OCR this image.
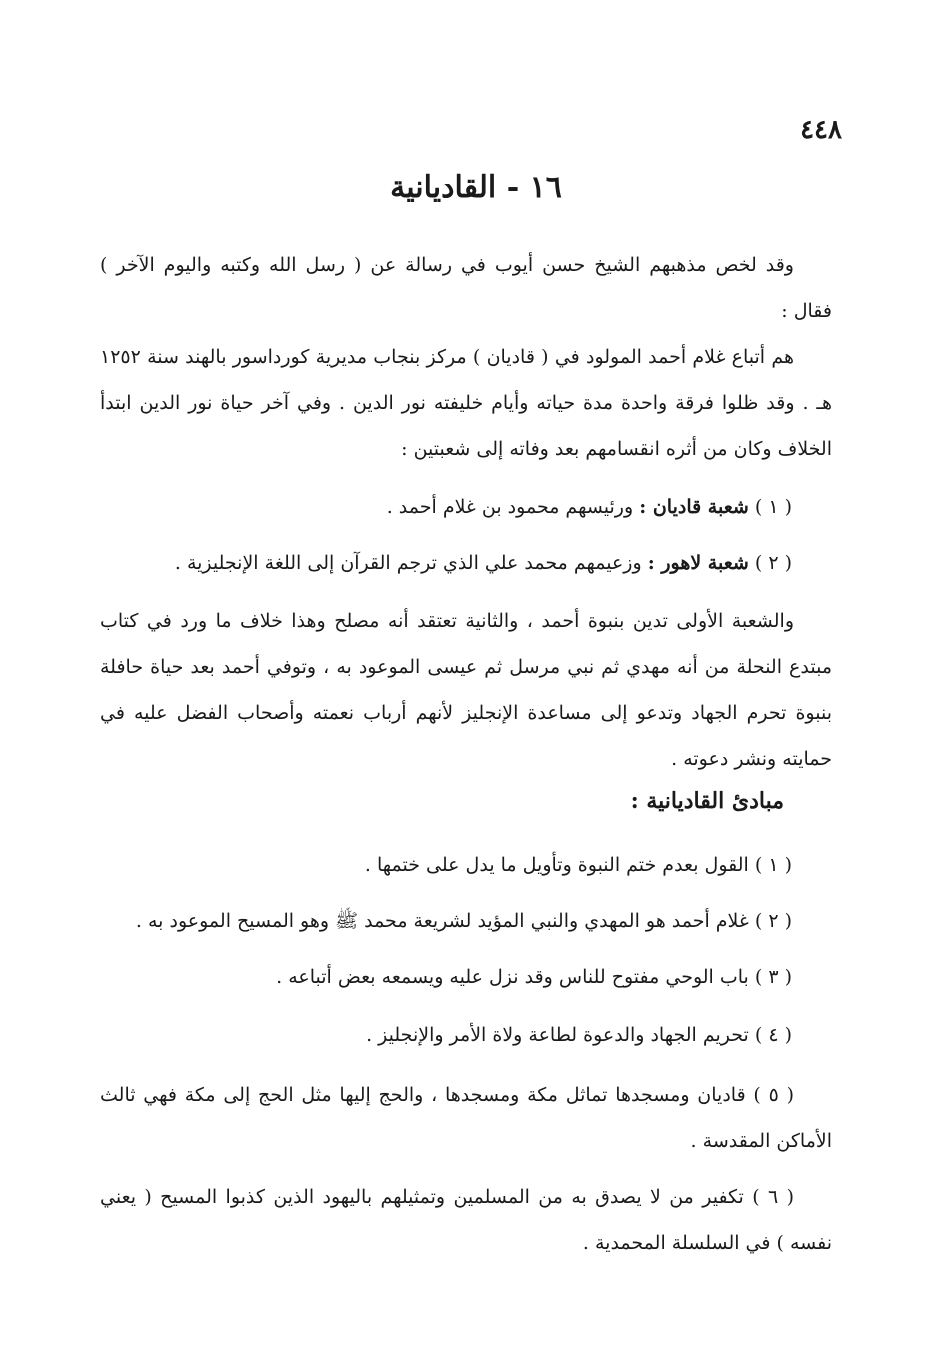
٤٤٨
١٦ - القاديانية

وقد لخص مذهبهم الشيخ حسن أيوب في رسالة عن ( رسل الله وكتبه واليوم الآخر ) فقال :

هم أتباع غلام أحمد المولود في ( قاديان ) مركز بنجاب مديرية كورداسور بالهند سنة ١٢٥٢ هـ . وقد ظلوا فرقة واحدة مدة حياته وأيام خليفته نور الدين . وفي آخر حياة نور الدين ابتدأ الخلاف وكان من أثره انقسامهم بعد وفاته إلى شعبتين :

( ١ ) شعبة قاديان : ورئيسهم محمود بن غلام أحمد .
( ٢ ) شعبة لاهور : وزعيمهم محمد علي الذي ترجم القرآن إلى اللغة الإنجليزية .

والشعبة الأولى تدين بنبوة أحمد ، والثانية تعتقد أنه مصلح وهذا خلاف ما ورد في كتاب مبتدع النحلة من أنه مهدي ثم نبي مرسل ثم عيسى الموعود به ، وتوفي أحمد بعد حياة حافلة بنبوة تحرم الجهاد وتدعو إلى مساعدة الإنجليز لأنهم أرباب نعمته وأصحاب الفضل عليه في حمايته ونشر دعوته .

مبادئ القاديانية :
( ١ ) القول بعدم ختم النبوة وتأويل ما يدل على ختمها .
( ٢ ) غلام أحمد هو المهدي والنبي المؤيد لشريعة محمد ﷺ وهو المسيح الموعود به .
( ٣ ) باب الوحي مفتوح للناس وقد نزل عليه ويسمعه بعض أتباعه .
( ٤ ) تحريم الجهاد والدعوة لطاعة ولاة الأمر والإنجليز .

( ٥ ) قاديان ومسجدها تماثل مكة ومسجدها ، والحج إليها مثل الحج إلى مكة فهي ثالث الأماكن المقدسة .

( ٦ ) تكفير من لا يصدق به من المسلمين وتمثيلهم باليهود الذين كذبوا المسيح ( يعني نفسه ) في السلسلة المحمدية .
